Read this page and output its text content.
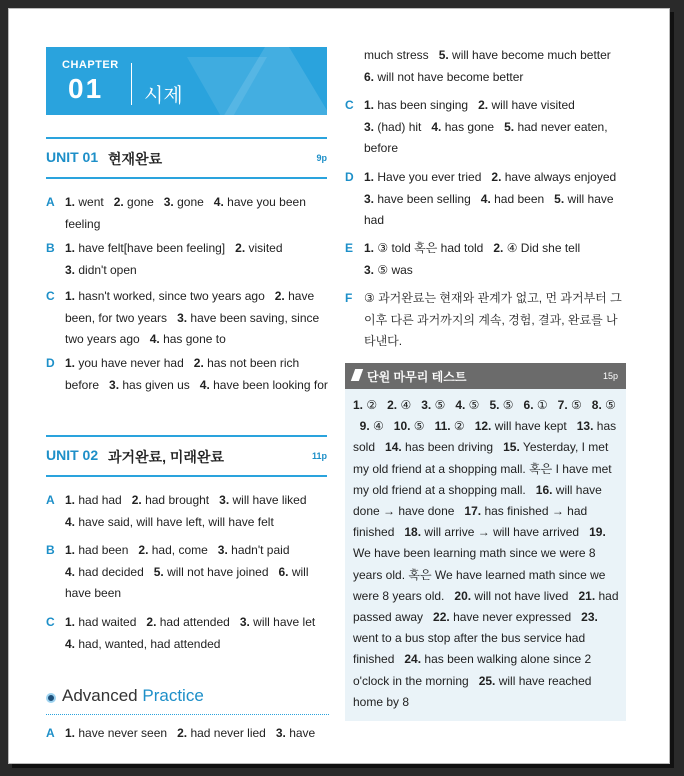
CHAPTER
01 시제
UNIT 01 현재완료	9p
A 1. went   2. gone   3. gone   4. have you been feeling
B 1. have felt[have been feeling]   2. visited
3. didn't open
C 1. hasn't worked, since two years ago   2. have been, for two years   3. have been saving, since two years ago   4. has gone to
D 1. you have never had   2. has not been rich before   3. has given us   4. have been looking for
UNIT 02 과거완료, 미래완료	11p
A 1. had had   2. had brought   3. will have liked
4. have said, will have left, will have felt
B 1. had been   2. had, come   3. hadn't paid
4. had decided   5. will not have joined   6. will have been
C 1. had waited   2. had attended   3. will have let   4. had, wanted, had attended
Advanced Practice
A 1. have never seen   2. had never lied   3. have
much stress   5. will have become much better
6. will not have become better
C 1. has been singing   2. will have visited
3. (had) hit   4. has gone   5. had never eaten, before
D 1. Have you ever tried   2. have always enjoyed
3. have been selling   4. had been   5. will have had
E 1. ③ told 혹은 had told   2. ④ Did she tell
3. ⑤ was
F ③ 과거완료는 현재와 관계가 없고, 먼 과거부터 그 이후 다른 과거까지의 계속, 경험, 결과, 완료를 나타낸다.
단원 마무리 테스트	15p
1. ②   2. ④   3. ⑤   4. ⑤   5. ⑤   6. ①   7. ⑤   8. ⑤   9. ④   10. ⑤   11. ②   12. will have kept   13. has sold   14. has been driving   15. Yesterday, I met my old friend at a shopping mall. 혹은 I have met my old friend at a shopping mall.   16. will have done → have done   17. has finished → had finished   18. will arrive → will have arrived   19. We have been learning math since we were 8 years old. 혹은 We have learned math since we were 8 years old.   20. will not have lived   21. had passed away   22. have never expressed   23. went to a bus stop after the bus service had finished   24. has been walking alone since 2 o'clock in the morning   25. will have reached home by 8
